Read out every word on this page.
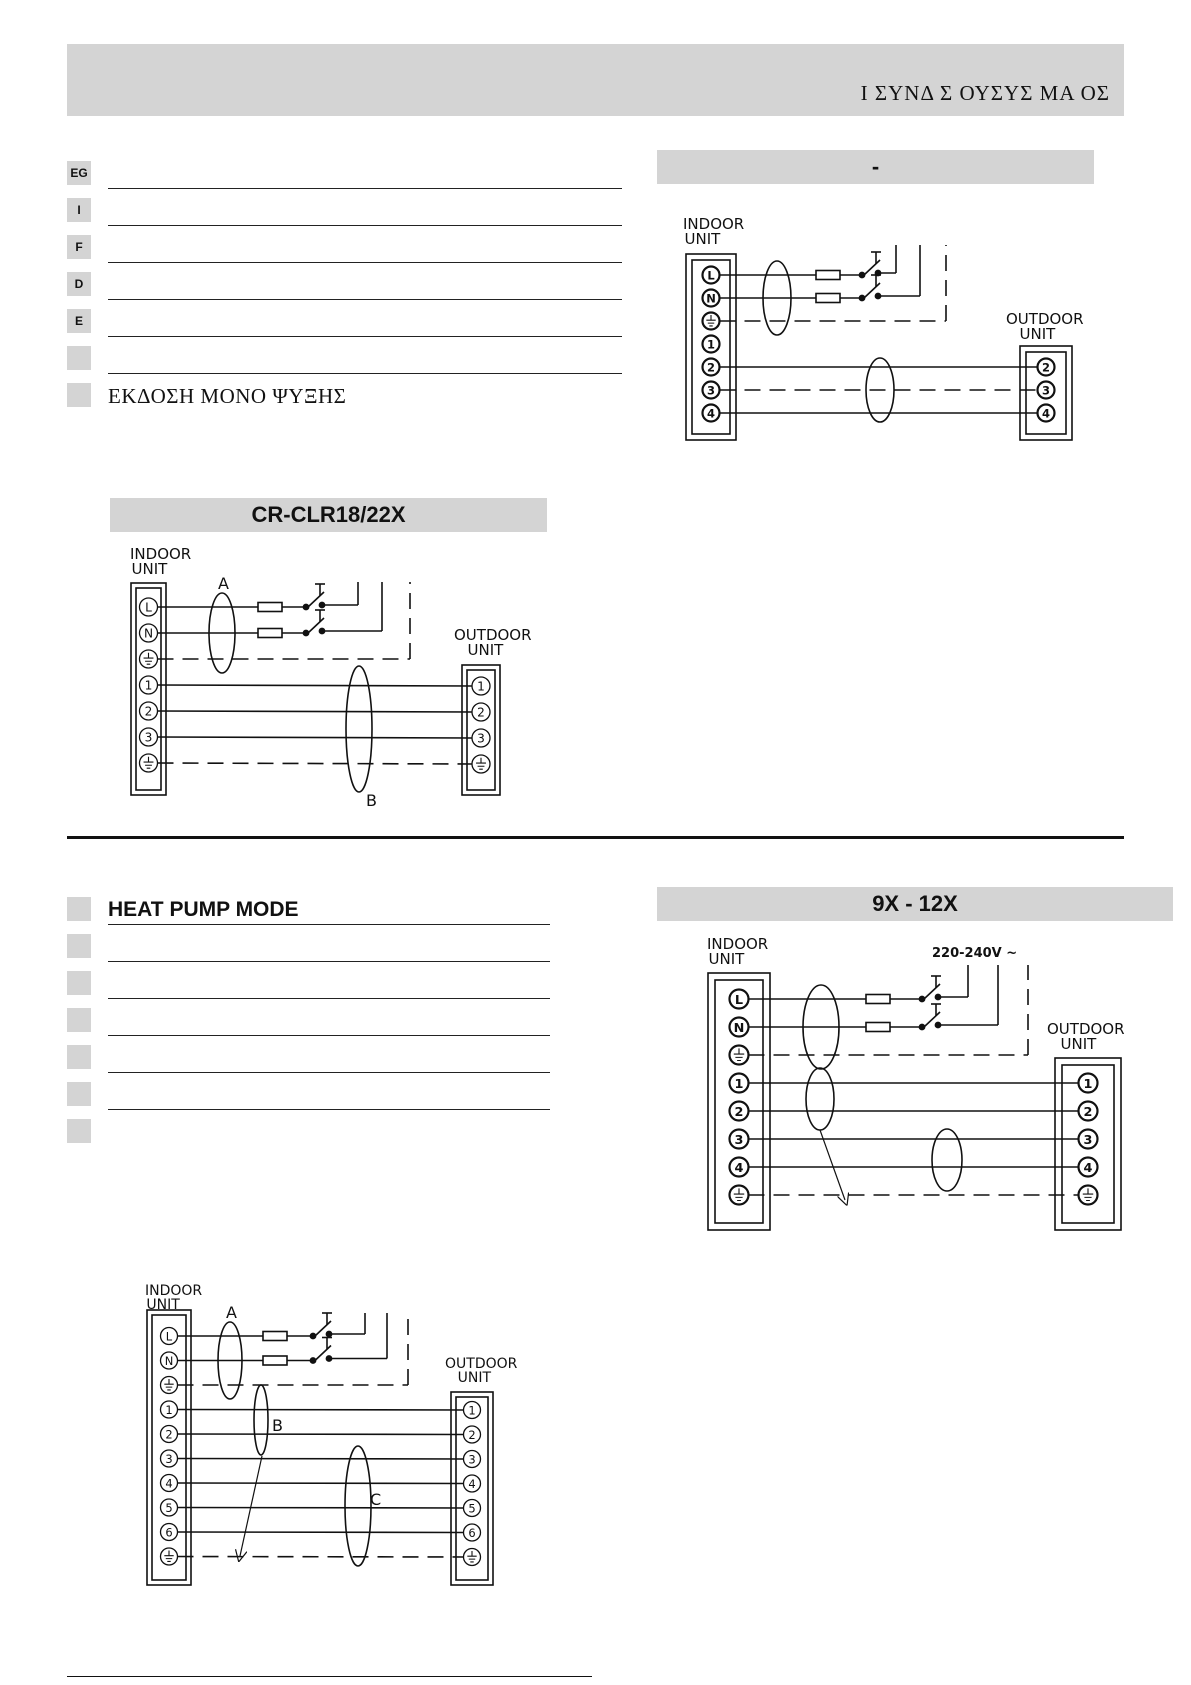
I ΣΥΝΔ Σ ΟΥΣΥΣ ΜΑ ΟΣ
EG
I
F
D
E
ΕΚΔΟΣΗ ΜΟΝΟ ΨΥΞΗΣ
HEAT PUMP MODE
-
CR-CLR18/22X
9X - 12X
INDOOR
UNIT
L
N
1
2
3
4
OUTDOOR
UNIT
2
3
4
INDOOR
UNIT
L
N
1
2
3
OUTDOOR
UNIT
A
1
2
3
B
INDOOR
UNIT
L
N
1
2
3
4
OUTDOOR
UNIT
220-240V ~
1
2
3
4
INDOOR
UNIT
L
N
1
2
3
4
5
6
OUTDOOR
UNIT
A
1
2
3
4
5
6
B
C
